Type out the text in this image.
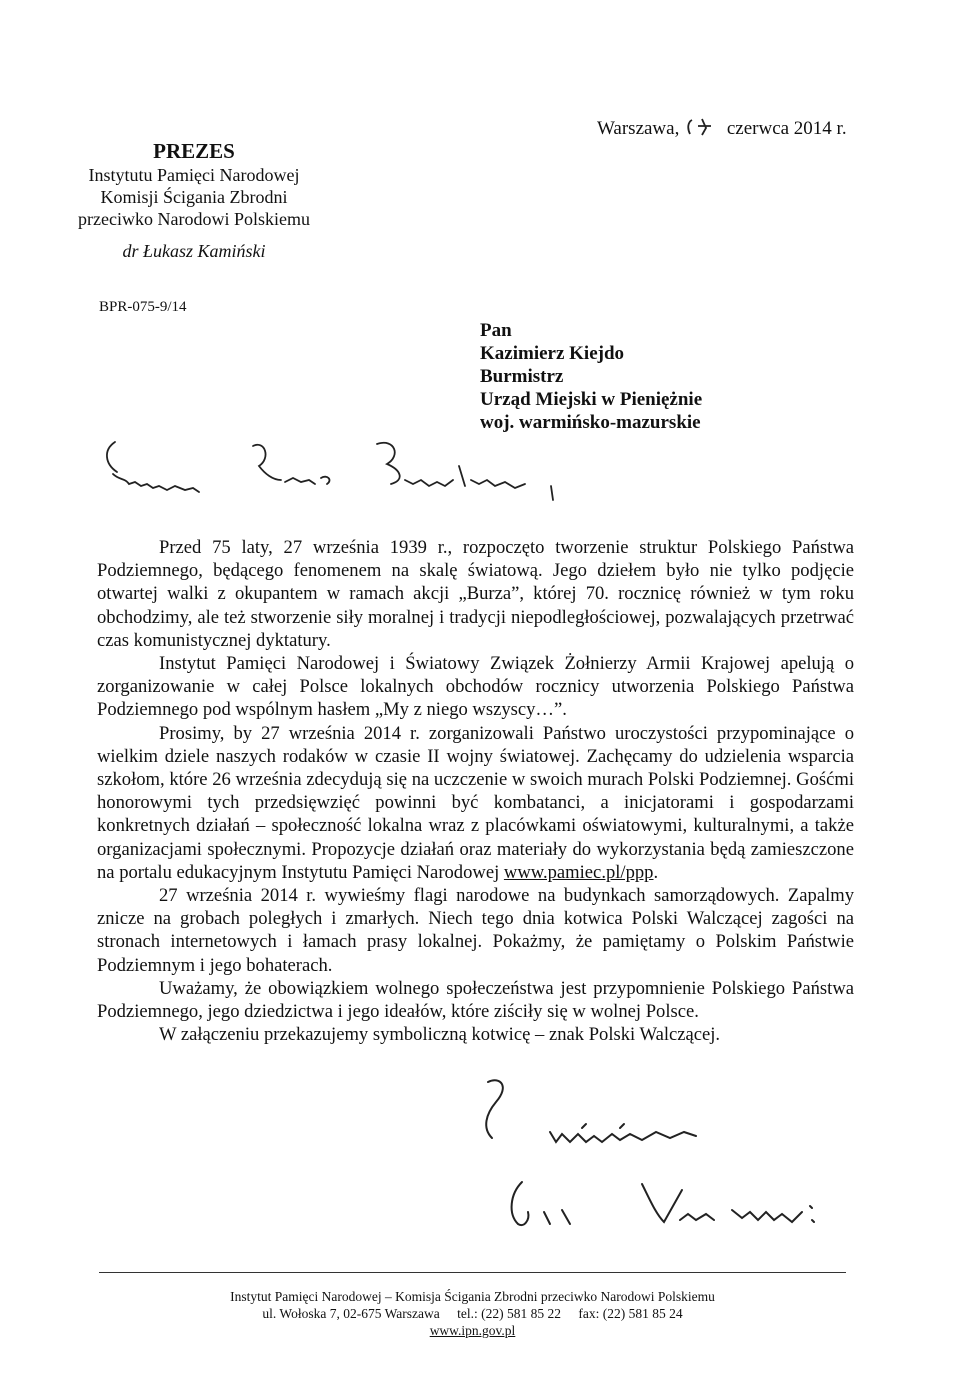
Warszawa,	czerwca 2014 r.
PREZES
Instytutu Pamięci Narodowej
Komisji Ścigania Zbrodni
przeciwko Narodowi Polskiemu
dr Łukasz Kamiński
BPR-075-9/14
Pan
Kazimierz Kiejdo
Burmistrz
Urząd Miejski w Pieniężnie
woj. warmińsko-mazurskie

Przed 75 laty, 27 września 1939 r., rozpoczęto tworzenie struktur Polskiego Państwa Podziemnego, będącego fenomenem na skalę światową. Jego dziełem było nie tylko podjęcie otwartej walki z okupantem w ramach akcji „Burza”, której 70. rocznicę również w tym roku obchodzimy, ale też stworzenie siły moralnej i tradycji niepodległościowej, pozwalających przetrwać czas komunistycznej dyktatury.

Instytut Pamięci Narodowej i Światowy Związek Żołnierzy Armii Krajowej apelują o zorganizowanie w całej Polsce lokalnych obchodów rocznicy utworzenia Polskiego Państwa Podziemnego pod wspólnym hasłem „My z niego wszyscy…”.

Prosimy, by 27 września 2014 r. zorganizowali Państwo uroczystości przypominające o wielkim dziele naszych rodaków w czasie II wojny światowej. Zachęcamy do udzielenia wsparcia szkołom, które 26 września zdecydują się na uczczenie w swoich murach Polski Podziemnej. Gośćmi honorowymi tych przedsięwzięć powinni być kombatanci, a inicjatorami i gospodarzami konkretnych działań – społeczność lokalna wraz z placówkami oświatowymi, kulturalnymi, a także organizacjami społecznymi. Propozycje działań oraz materiały do wykorzystania będą zamieszczone na portalu edukacyjnym Instytutu Pamięci Narodowej www.pamiec.pl/ppp.

27 września 2014 r. wywieśmy flagi narodowe na budynkach samorządowych. Zapalmy znicze na grobach poległych i zmarłych. Niech tego dnia kotwica Polski Walczącej zagości na stronach internetowych i łamach prasy lokalnej. Pokażmy, że pamiętamy o Polskim Państwie Podziemnym i jego bohaterach.

Uważamy, że obowiązkiem wolnego społeczeństwa jest przypomnienie Polskiego Państwa Podziemnego, jego dziedzictwa i jego ideałów, które ziściły się w wolnej Polsce.

W załączeniu przekazujemy symboliczną kotwicę – znak Polski Walczącej.

Instytut Pamięci Narodowej – Komisja Ścigania Zbrodni przeciwko Narodowi Polskiemu
ul. Wołoska 7, 02-675 Warszawa tel.: (22) 581 85 22 fax: (22) 581 85 24
www.ipn.gov.pl
